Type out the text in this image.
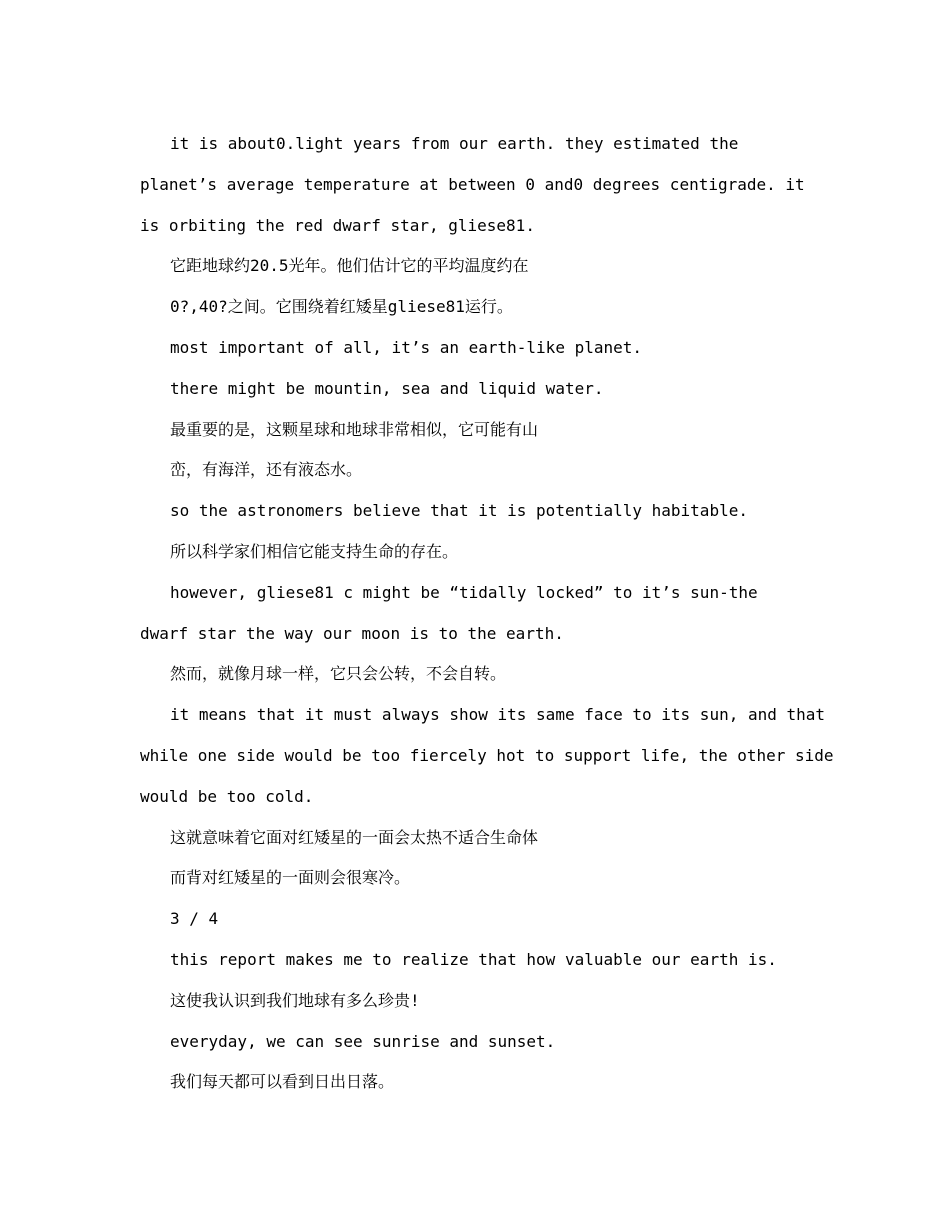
it is about0.light years from our earth. they estimated the
planet’s average temperature at between 0 and0 degrees centigrade. it
is orbiting the red dwarf star, gliese81.
它距地球约20.5光年。他们估计它的平均温度约在
0?,40?之间。它围绕着红矮星gliese81运行。
most important of all, it’s an earth-like planet.
there might be mountin, sea and liquid water.
最重要的是，这颗星球和地球非常相似，它可能有山
峦，有海洋，还有液态水。
so the astronomers believe that it is potentially habitable.
所以科学家们相信它能支持生命的存在。
however, gliese81 c might be “tidally locked” to it’s sun-the
dwarf star the way our moon is to the earth.
然而，就像月球一样，它只会公转，不会自转。
it means that it must always show its same face to its sun, and that
while one side would be too fiercely hot to support life, the other side
would be too cold.
这就意味着它面对红矮星的一面会太热不适合生命体
而背对红矮星的一面则会很寒冷。
3 / 4
this report makes me to realize that how valuable our earth is.
这使我认识到我们地球有多么珍贵!
everyday, we can see sunrise and sunset.
我们每天都可以看到日出日落。
